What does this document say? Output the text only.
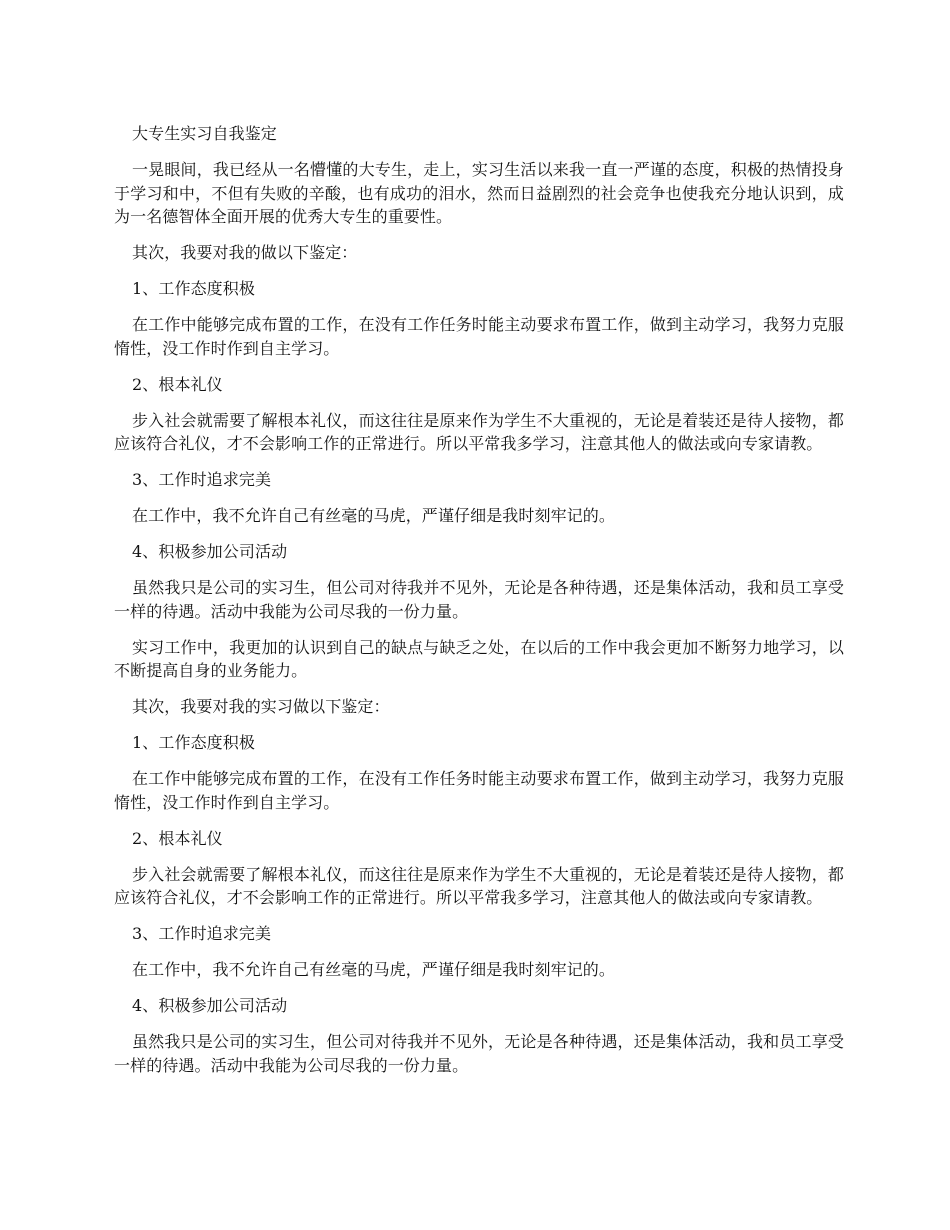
大专生实习自我鉴定

一晃眼间，我已经从一名懵懂的大专生，走上，实习生活以来我一直一严谨的态度，积极的热情投身于学习和中，不但有失败的辛酸，也有成功的泪水，然而日益剧烈的社会竞争也使我充分地认识到，成为一名德智体全面开展的优秀大专生的重要性。

其次，我要对我的做以下鉴定：

1、工作态度积极

在工作中能够完成布置的工作，在没有工作任务时能主动要求布置工作，做到主动学习，我努力克服惰性，没工作时作到自主学习。

2、根本礼仪

步入社会就需要了解根本礼仪，而这往往是原来作为学生不大重视的，无论是着装还是待人接物，都应该符合礼仪，才不会影响工作的正常进行。所以平常我多学习，注意其他人的做法或向专家请教。

3、工作时追求完美

在工作中，我不允许自己有丝毫的马虎，严谨仔细是我时刻牢记的。

4、积极参加公司活动

虽然我只是公司的实习生，但公司对待我并不见外，无论是各种待遇，还是集体活动，我和员工享受一样的待遇。活动中我能为公司尽我的一份力量。

实习工作中，我更加的认识到自己的缺点与缺乏之处，在以后的工作中我会更加不断努力地学习，以不断提高自身的业务能力。

其次，我要对我的实习做以下鉴定：

1、工作态度积极

在工作中能够完成布置的工作，在没有工作任务时能主动要求布置工作，做到主动学习，我努力克服惰性，没工作时作到自主学习。

2、根本礼仪

步入社会就需要了解根本礼仪，而这往往是原来作为学生不大重视的，无论是着装还是待人接物，都应该符合礼仪，才不会影响工作的正常进行。所以平常我多学习，注意其他人的做法或向专家请教。

3、工作时追求完美

在工作中，我不允许自己有丝毫的马虎，严谨仔细是我时刻牢记的。

4、积极参加公司活动

虽然我只是公司的实习生，但公司对待我并不见外，无论是各种待遇，还是集体活动，我和员工享受一样的待遇。活动中我能为公司尽我的一份力量。
